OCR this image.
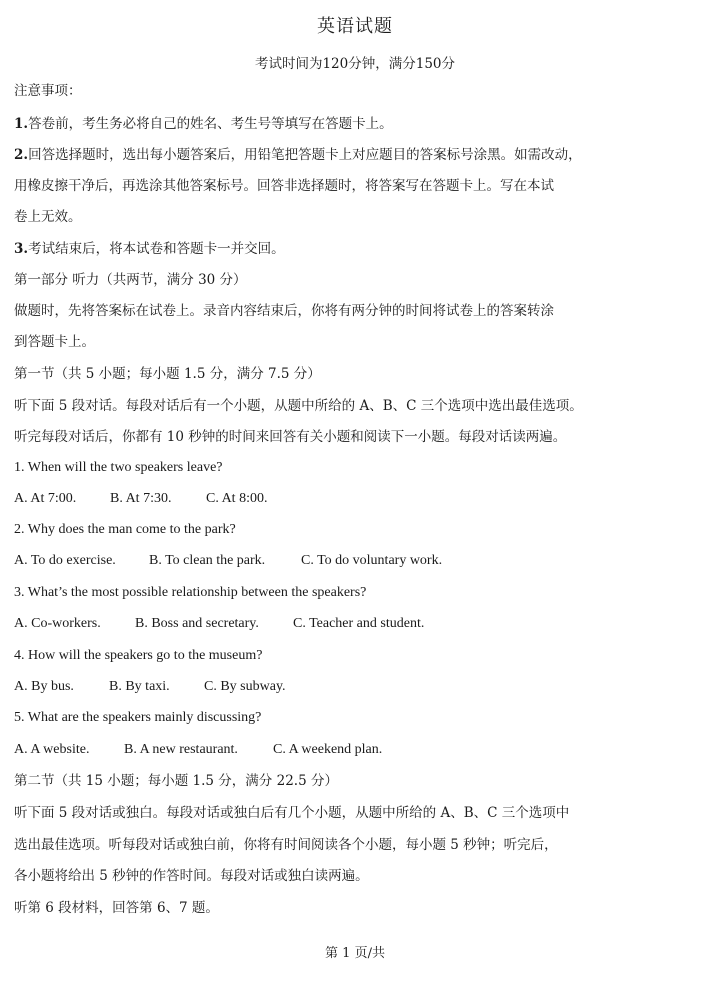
英语试题
考试时间为120分钟，满分150分
注意事项：
1.答卷前，考生务必将自己的姓名、考生号等填写在答题卡上。
2.回答选择题时，选出每小题答案后，用铅笔把答题卡上对应题目的答案标号涂黑。如需改动，
用橡皮擦干净后，再选涂其他答案标号。回答非选择题时，将答案写在答题卡上。写在本试
卷上无效。
3.考试结束后，将本试卷和答题卡一并交回。
第一部分 听力（共两节，满分 30 分）
做题时，先将答案标在试卷上。录音内容结束后，你将有两分钟的时间将试卷上的答案转涂
到答题卡上。
第一节（共 5 小题；每小题 1.5 分，满分 7.5 分）
听下面 5 段对话。每段对话后有一个小题，从题中所给的 A、B、C 三个选项中选出最佳选项。
听完每段对话后，你都有 10 秒钟的时间来回答有关小题和阅读下一小题。每段对话读两遍。
1. When will the two speakers leave?
A. At 7:00. B. At 7:30. C. At 8:00.
2. Why does the man come to the park?
A. To do exercise. B. To clean the park.	C. To do voluntary work.
3. What’s the most possible relationship between the speakers?
A. Co-workers. B. Boss and secretary. C. Teacher and student.
4. How will the speakers go to the museum?
A. By bus.	B. By taxi. C. By subway.
5. What are the speakers mainly discussing?
A. A website. B. A new restaurant.	C. A weekend plan.
第二节（共 15 小题；每小题 1.5 分，满分 22.5 分）
听下面 5 段对话或独白。每段对话或独白后有几个小题，从题中所给的 A、B、C 三个选项中
选出最佳选项。听每段对话或独白前，你将有时间阅读各个小题，每小题 5 秒钟；听完后，
各小题将给出 5 秒钟的作答时间。每段对话或独白读两遍。
听第 6 段材料，回答第 6、7 题。
第 1 页/共
